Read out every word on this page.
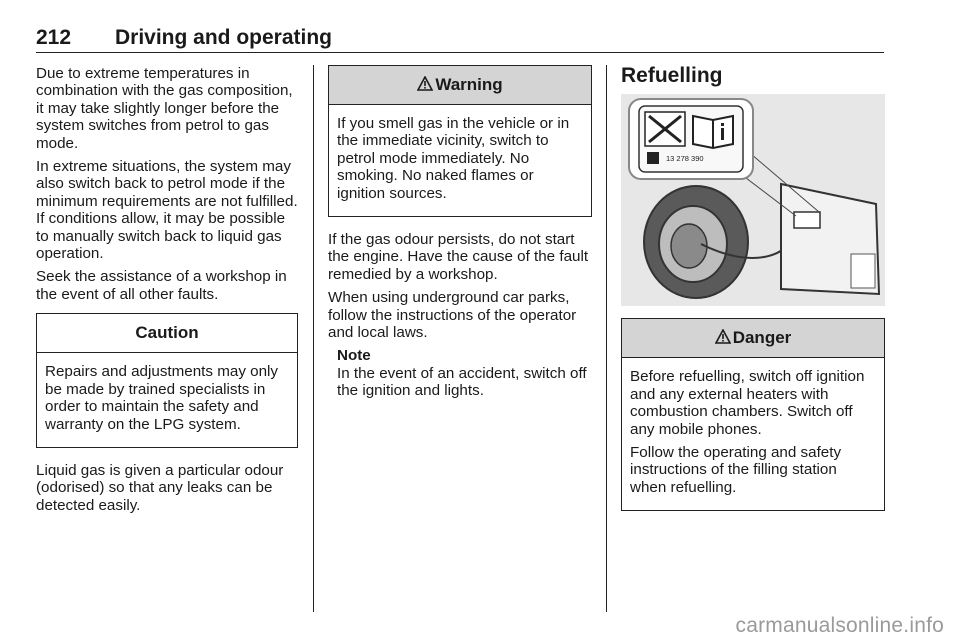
212 Driving and operating

Due to extreme temperatures in combination with the gas composition, it may take slightly longer before the system switches from petrol to gas mode.

In extreme situations, the system may also switch back to petrol mode if the minimum requirements are not fulfilled. If conditions allow, it may be possible to manually switch back to liquid gas operation.

Seek the assistance of a workshop in the event of all other faults.

Caution

Repairs and adjustments may only be made by trained specialists in order to maintain the safety and warranty on the LPG system.

Liquid gas is given a particular odour (odorised) so that any leaks can be detected easily.

Warning

If you smell gas in the vehicle or in the immediate vicinity, switch to petrol mode immediately. No smoking. No naked flames or ignition sources.

If the gas odour persists, do not start the engine. Have the cause of the fault remedied by a workshop.

When using underground car parks, follow the instructions of the operator and local laws.

Note
In the event of an accident, switch off the ignition and lights.
Refuelling
13 278 390
Danger

Before refuelling, switch off ignition and any external heaters with combustion chambers. Switch off any mobile phones.

Follow the operating and safety instructions of the filling station when refuelling.

carmanualsonline.info
